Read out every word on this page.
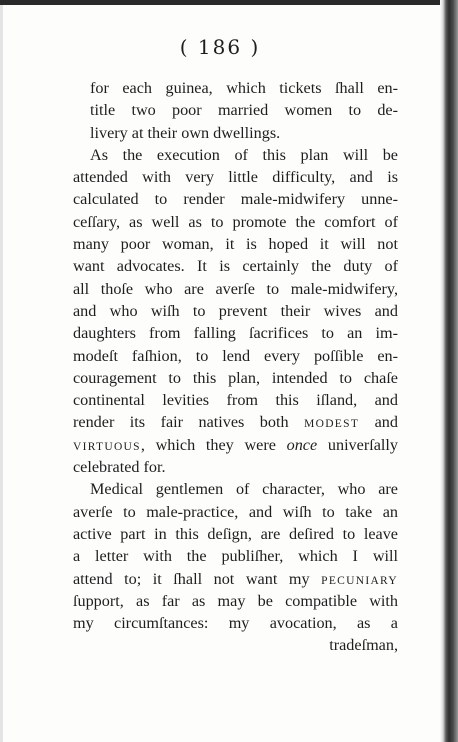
( 186 )
for each guinea, which tickets ſhall en-
title two poor married women to de-
livery at their own dwellings.
As the execution of this plan will be
attended with very little difficulty, and is
calculated to render male-midwifery unne-
ceſſary, as well as to promote the comfort of
many poor woman, it is hoped it will not
want advocates. It is certainly the duty of
all thoſe who are averſe to male-midwifery,
and who wiſh to prevent their wives and
daughters from falling ſacrifices to an im-
modeſt faſhion, to lend every poſſible en-
couragement to this plan, intended to chaſe
continental levities from this iſland, and
render its fair natives both MODEST and
VIRTUOUS, which they were once univerſally
celebrated for.
Medical gentlemen of character, who are
averſe to male-practice, and wiſh to take an
active part in this deſign, are deſired to leave
a letter with the publiſher, which I will
attend to; it ſhall not want my PECUNIARY
ſupport, as far as may be compatible with
my circumſtances: my avocation, as a
tradeſman,
